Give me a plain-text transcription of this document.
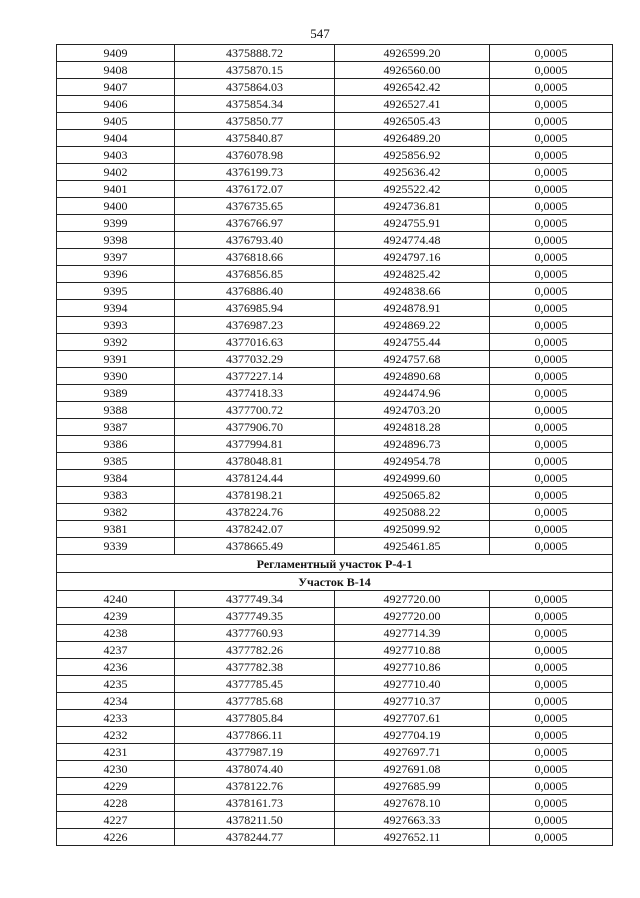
547
9409	4375888.72	4926599.20	0,0005
9408	4375870.15	4926560.00	0,0005
9407	4375864.03	4926542.42	0,0005
9406	4375854.34	4926527.41	0,0005
9405	4375850.77	4926505.43	0,0005
9404	4375840.87	4926489.20	0,0005
9403	4376078.98	4925856.92	0,0005
9402	4376199.73	4925636.42	0,0005
9401	4376172.07	4925522.42	0,0005
9400	4376735.65	4924736.81	0,0005
9399	4376766.97	4924755.91	0,0005
9398	4376793.40	4924774.48	0,0005
9397	4376818.66	4924797.16	0,0005
9396	4376856.85	4924825.42	0,0005
9395	4376886.40	4924838.66	0,0005
9394	4376985.94	4924878.91	0,0005
9393	4376987.23	4924869.22	0,0005
9392	4377016.63	4924755.44	0,0005
9391	4377032.29	4924757.68	0,0005
9390	4377227.14	4924890.68	0,0005
9389	4377418.33	4924474.96	0,0005
9388	4377700.72	4924703.20	0,0005
9387	4377906.70	4924818.28	0,0005
9386	4377994.81	4924896.73	0,0005
9385	4378048.81	4924954.78	0,0005
9384	4378124.44	4924999.60	0,0005
9383	4378198.21	4925065.82	0,0005
9382	4378224.76	4925088.22	0,0005
9381	4378242.07	4925099.92	0,0005
9339	4378665.49	4925461.85	0,0005
Регламентный участок Р-4-1			
Участок В-14			
4240	4377749.34	4927720.00	0,0005
4239	4377749.35	4927720.00	0,0005
4238	4377760.93	4927714.39	0,0005
4237	4377782.26	4927710.88	0,0005
4236	4377782.38	4927710.86	0,0005
4235	4377785.45	4927710.40	0,0005
4234	4377785.68	4927710.37	0,0005
4233	4377805.84	4927707.61	0,0005
4232	4377866.11	4927704.19	0,0005
4231	4377987.19	4927697.71	0,0005
4230	4378074.40	4927691.08	0,0005
4229	4378122.76	4927685.99	0,0005
4228	4378161.73	4927678.10	0,0005
4227	4378211.50	4927663.33	0,0005
4226	4378244.77	4927652.11	0,0005
